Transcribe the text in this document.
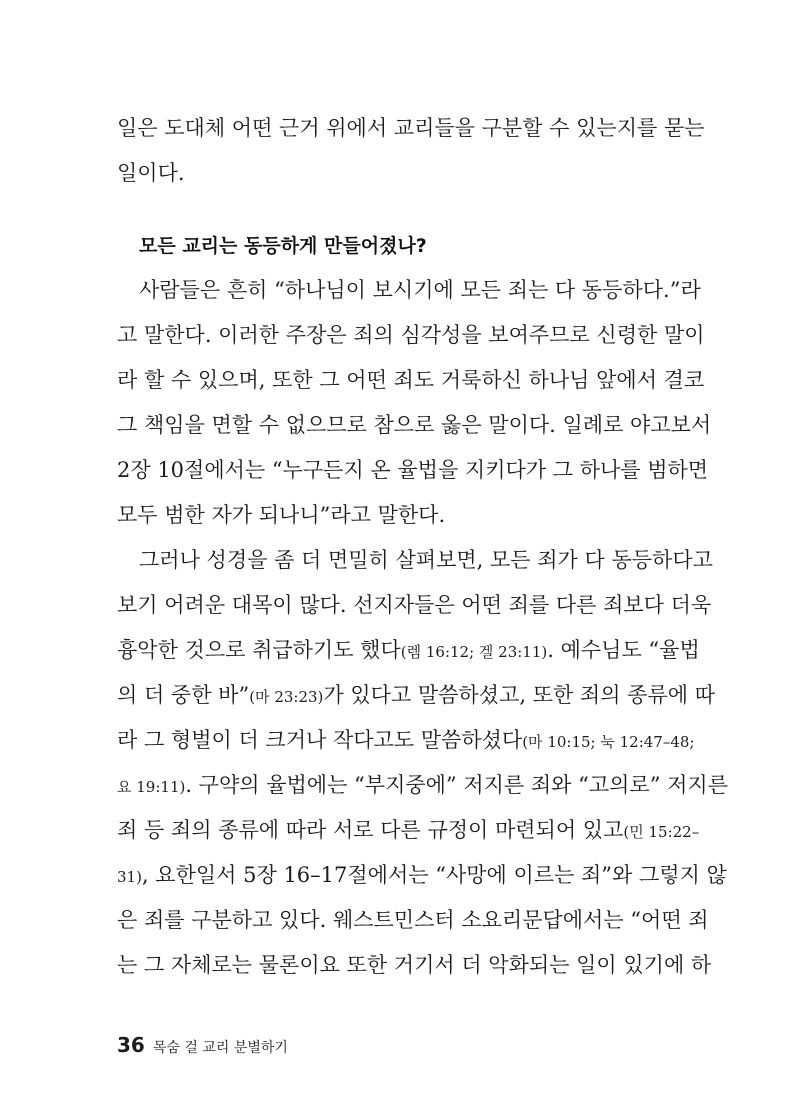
일은 도대체 어떤 근거 위에서 교리들을 구분할 수 있는지를 묻는
일이다.
모든 교리는 동등하게 만들어졌나?
사람들은 흔히 “하나님이 보시기에 모든 죄는 다 동등하다.”라
고 말한다. 이러한 주장은 죄의 심각성을 보여주므로 신령한 말이
라 할 수 있으며, 또한 그 어떤 죄도 거룩하신 하나님 앞에서 결코
그 책임을 면할 수 없으므로 참으로 옳은 말이다. 일례로 야고보서
2장 10절에서는 “누구든지 온 율법을 지키다가 그 하나를 범하면
모두 범한 자가 되나니”라고 말한다.
그러나 성경을 좀 더 면밀히 살펴보면, 모든 죄가 다 동등하다고
보기 어려운 대목이 많다. 선지자들은 어떤 죄를 다른 죄보다 더욱
흉악한 것으로 취급하기도 했다(렘 16:12; 겔 23:11). 예수님도 “율법
의 더 중한 바”(마 23:23)가 있다고 말씀하셨고, 또한 죄의 종류에 따
라 그 형벌이 더 크거나 작다고도 말씀하셨다(마 10:15; 눅 12:47–48;
요 19:11). 구약의 율법에는 “부지중에” 저지른 죄와 “고의로” 저지른
죄 등 죄의 종류에 따라 서로 다른 규정이 마련되어 있고(민 15:22–
31), 요한일서 5장 16–17절에서는 “사망에 이르는 죄”와 그렇지 않
은 죄를 구분하고 있다. 웨스트민스터 소요리문답에서는 “어떤 죄
는 그 자체로는 물론이요 또한 거기서 더 악화되는 일이 있기에 하
36 목숨 걸 교리 분별하기
